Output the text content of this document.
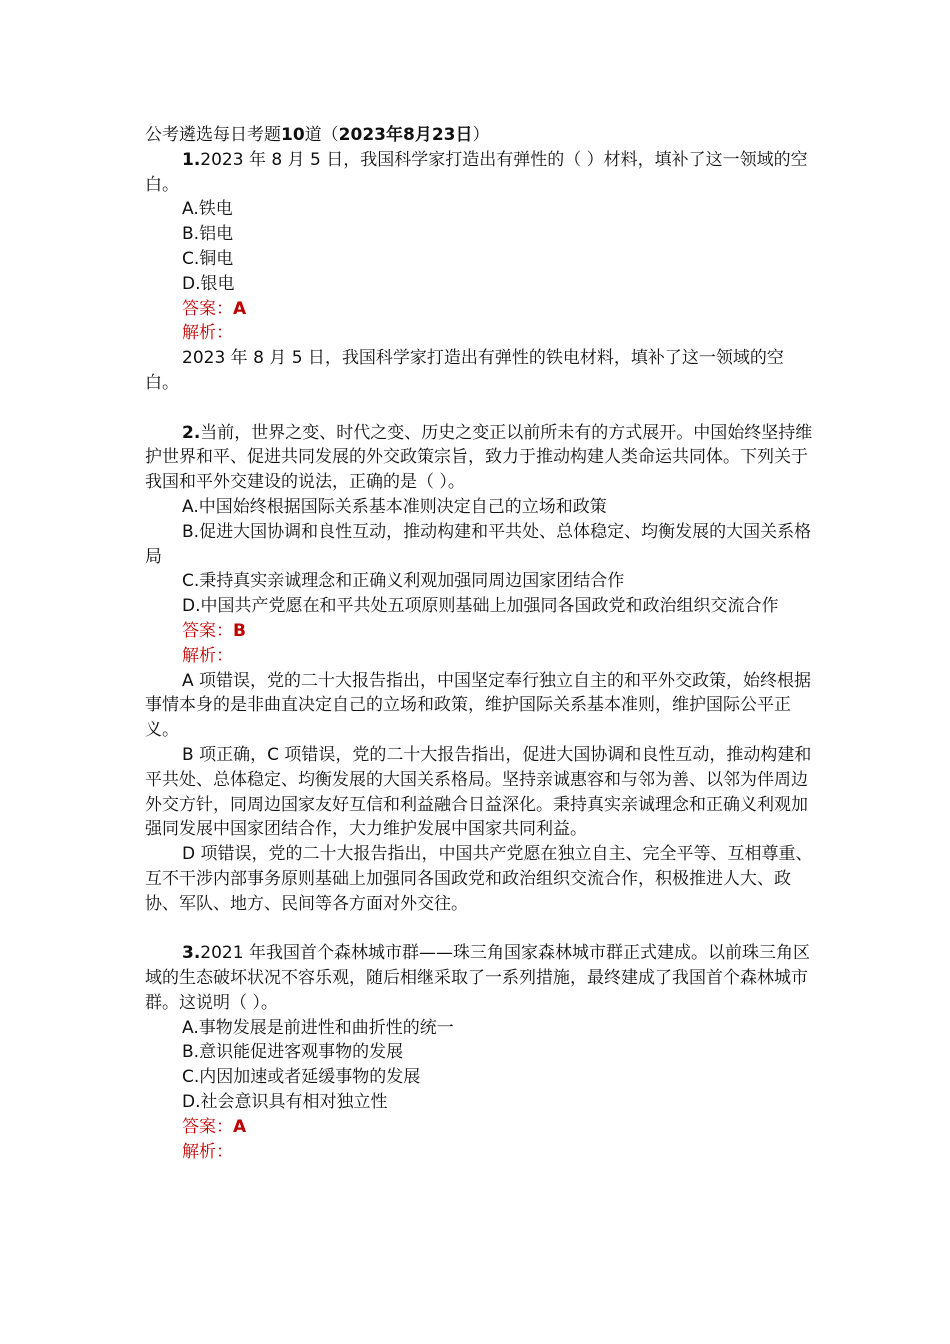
公考遴选每日考题10道（2023年8月23日）

1.2023 年 8 月 5 日，我国科学家打造出有弹性的（ ）材料，填补了这一领域的空白。

A.铁电

B.铝电

C.铜电

D.银电

答案：A

解析：

2023 年 8 月 5 日，我国科学家打造出有弹性的铁电材料，填补了这一领域的空白。

2.当前，世界之变、时代之变、历史之变正以前所未有的方式展开。中国始终坚持维护世界和平、促进共同发展的外交政策宗旨，致力于推动构建人类命运共同体。下列关于我国和平外交建设的说法，正确的是（ ）。

A.中国始终根据国际关系基本准则决定自己的立场和政策

B.促进大国协调和良性互动，推动构建和平共处、总体稳定、均衡发展的大国关系格局

C.秉持真实亲诚理念和正确义利观加强同周边国家团结合作

D.中国共产党愿在和平共处五项原则基础上加强同各国政党和政治组织交流合作

答案：B

解析：

A 项错误，党的二十大报告指出，中国坚定奉行独立自主的和平外交政策，始终根据事情本身的是非曲直决定自己的立场和政策，维护国际关系基本准则，维护国际公平正义。

B 项正确，C 项错误，党的二十大报告指出，促进大国协调和良性互动，推动构建和平共处、总体稳定、均衡发展的大国关系格局。坚持亲诚惠容和与邻为善、以邻为伴周边外交方针，同周边国家友好互信和利益融合日益深化。秉持真实亲诚理念和正确义利观加强同发展中国家团结合作，大力维护发展中国家共同利益。

D 项错误，党的二十大报告指出，中国共产党愿在独立自主、完全平等、互相尊重、互不干涉内部事务原则基础上加强同各国政党和政治组织交流合作，积极推进人大、政协、军队、地方、民间等各方面对外交往。

3.2021 年我国首个森林城市群——珠三角国家森林城市群正式建成。以前珠三角区域的生态破坏状况不容乐观，随后相继采取了一系列措施，最终建成了我国首个森林城市群。这说明（ ）。

A.事物发展是前进性和曲折性的统一

B.意识能促进客观事物的发展

C.内因加速或者延缓事物的发展

D.社会意识具有相对独立性

答案：A

解析：
